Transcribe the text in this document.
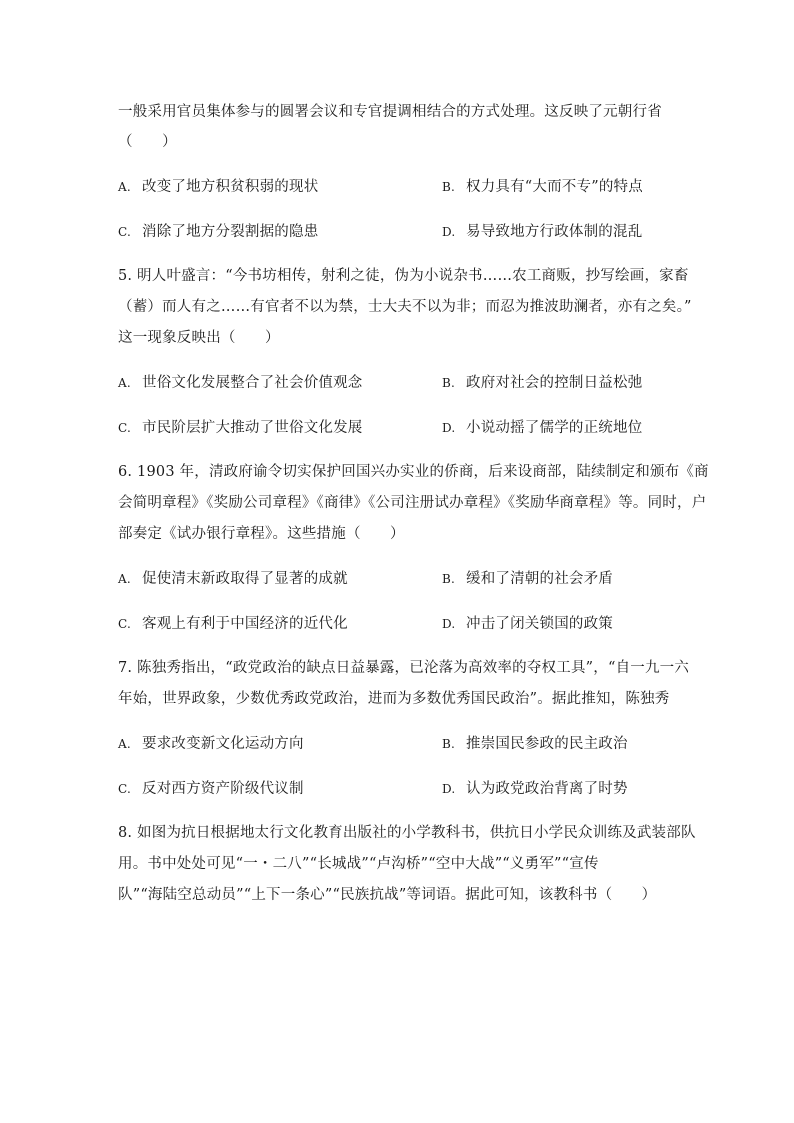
一般采用官员集体参与的圆署会议和专官提调相结合的方式处理。这反映了元朝行省
（　　）
A. 改变了地方积贫积弱的现状	B. 权力具有“大而不专”的特点
C. 消除了地方分裂割据的隐患	D. 易导致地方行政体制的混乱
5. 明人叶盛言：“今书坊相传，射利之徒，伪为小说杂书……农工商贩，抄写绘画，家畜
（蓄）而人有之……有官者不以为禁，士大夫不以为非；而忍为推波助澜者，亦有之矣。”
这一现象反映出（　　）
A. 世俗文化发展整合了社会价值观念	B. 政府对社会的控制日益松弛
C. 市民阶层扩大推动了世俗文化发展	D. 小说动摇了儒学的正统地位
6. 1903 年，清政府谕令切实保护回国兴办实业的侨商，后来设商部，陆续制定和颁布《商
会简明章程》《奖励公司章程》《商律》《公司注册试办章程》《奖励华商章程》等。同时，户
部奏定《试办银行章程》。这些措施（　　）
A. 促使清末新政取得了显著的成就	B. 缓和了清朝的社会矛盾
C. 客观上有利于中国经济的近代化	D. 冲击了闭关锁国的政策
7. 陈独秀指出，“政党政治的缺点日益暴露，已沦落为高效率的夺权工具”，“自一九一六
年始，世界政象，少数优秀政党政治，进而为多数优秀国民政治”。据此推知，陈独秀
A. 要求改变新文化运动方向	B. 推崇国民参政的民主政治
C. 反对西方资产阶级代议制	D. 认为政党政治背离了时势
8. 如图为抗日根据地太行文化教育出版社的小学教科书，供抗日小学民众训练及武装部队
用。书中处处可见“一・二八”“长城战”“卢沟桥”“空中大战”“义勇军”“宣传
队”“海陆空总动员”“上下一条心”“民族抗战”等词语。据此可知，该教科书（　　）
